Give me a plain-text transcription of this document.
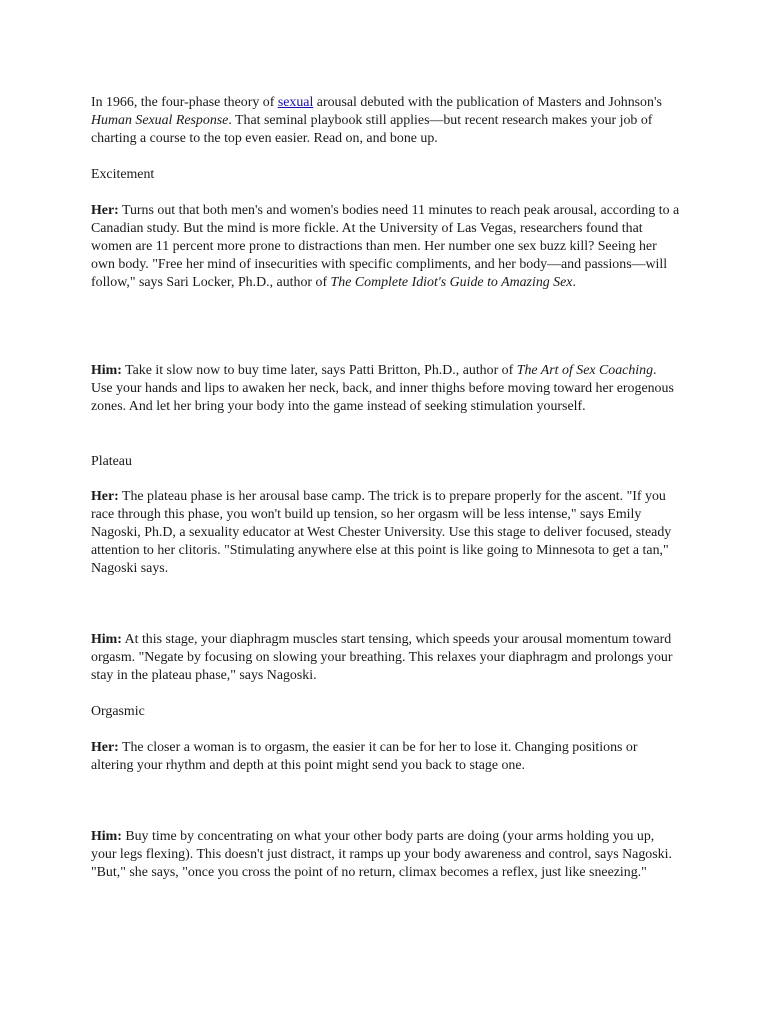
In 1966, the four-phase theory of sexual arousal debuted with the publication of Masters and Johnson's Human Sexual Response. That seminal playbook still applies—but recent research makes your job of charting a course to the top even easier. Read on, and bone up.

Excitement

Her: Turns out that both men's and women's bodies need 11 minutes to reach peak arousal, according to a Canadian study. But the mind is more fickle. At the University of Las Vegas, researchers found that women are 11 percent more prone to distractions than men. Her number one sex buzz kill? Seeing her own body. "Free her mind of insecurities with specific compliments, and her body—and passions—will follow," says Sari Locker, Ph.D., author of The Complete Idiot's Guide to Amazing Sex.

Him: Take it slow now to buy time later, says Patti Britton, Ph.D., author of The Art of Sex Coaching. Use your hands and lips to awaken her neck, back, and inner thighs before moving toward her erogenous zones. And let her bring your body into the game instead of seeking stimulation yourself.

Plateau

Her: The plateau phase is her arousal base camp. The trick is to prepare properly for the ascent. "If you race through this phase, you won't build up tension, so her orgasm will be less intense," says Emily Nagoski, Ph.D, a sexuality educator at West Chester University. Use this stage to deliver focused, steady attention to her clitoris. "Stimulating anywhere else at this point is like going to Minnesota to get a tan," Nagoski says.

Him: At this stage, your diaphragm muscles start tensing, which speeds your arousal momentum toward orgasm. "Negate by focusing on slowing your breathing. This relaxes your diaphragm and prolongs your stay in the plateau phase," says Nagoski.

Orgasmic

Her: The closer a woman is to orgasm, the easier it can be for her to lose it. Changing positions or altering your rhythm and depth at this point might send you back to stage one.

Him: Buy time by concentrating on what your other body parts are doing (your arms holding you up, your legs flexing). This doesn't just distract, it ramps up your body awareness and control, says Nagoski. "But," she says, "once you cross the point of no return, climax becomes a reflex, just like sneezing."
